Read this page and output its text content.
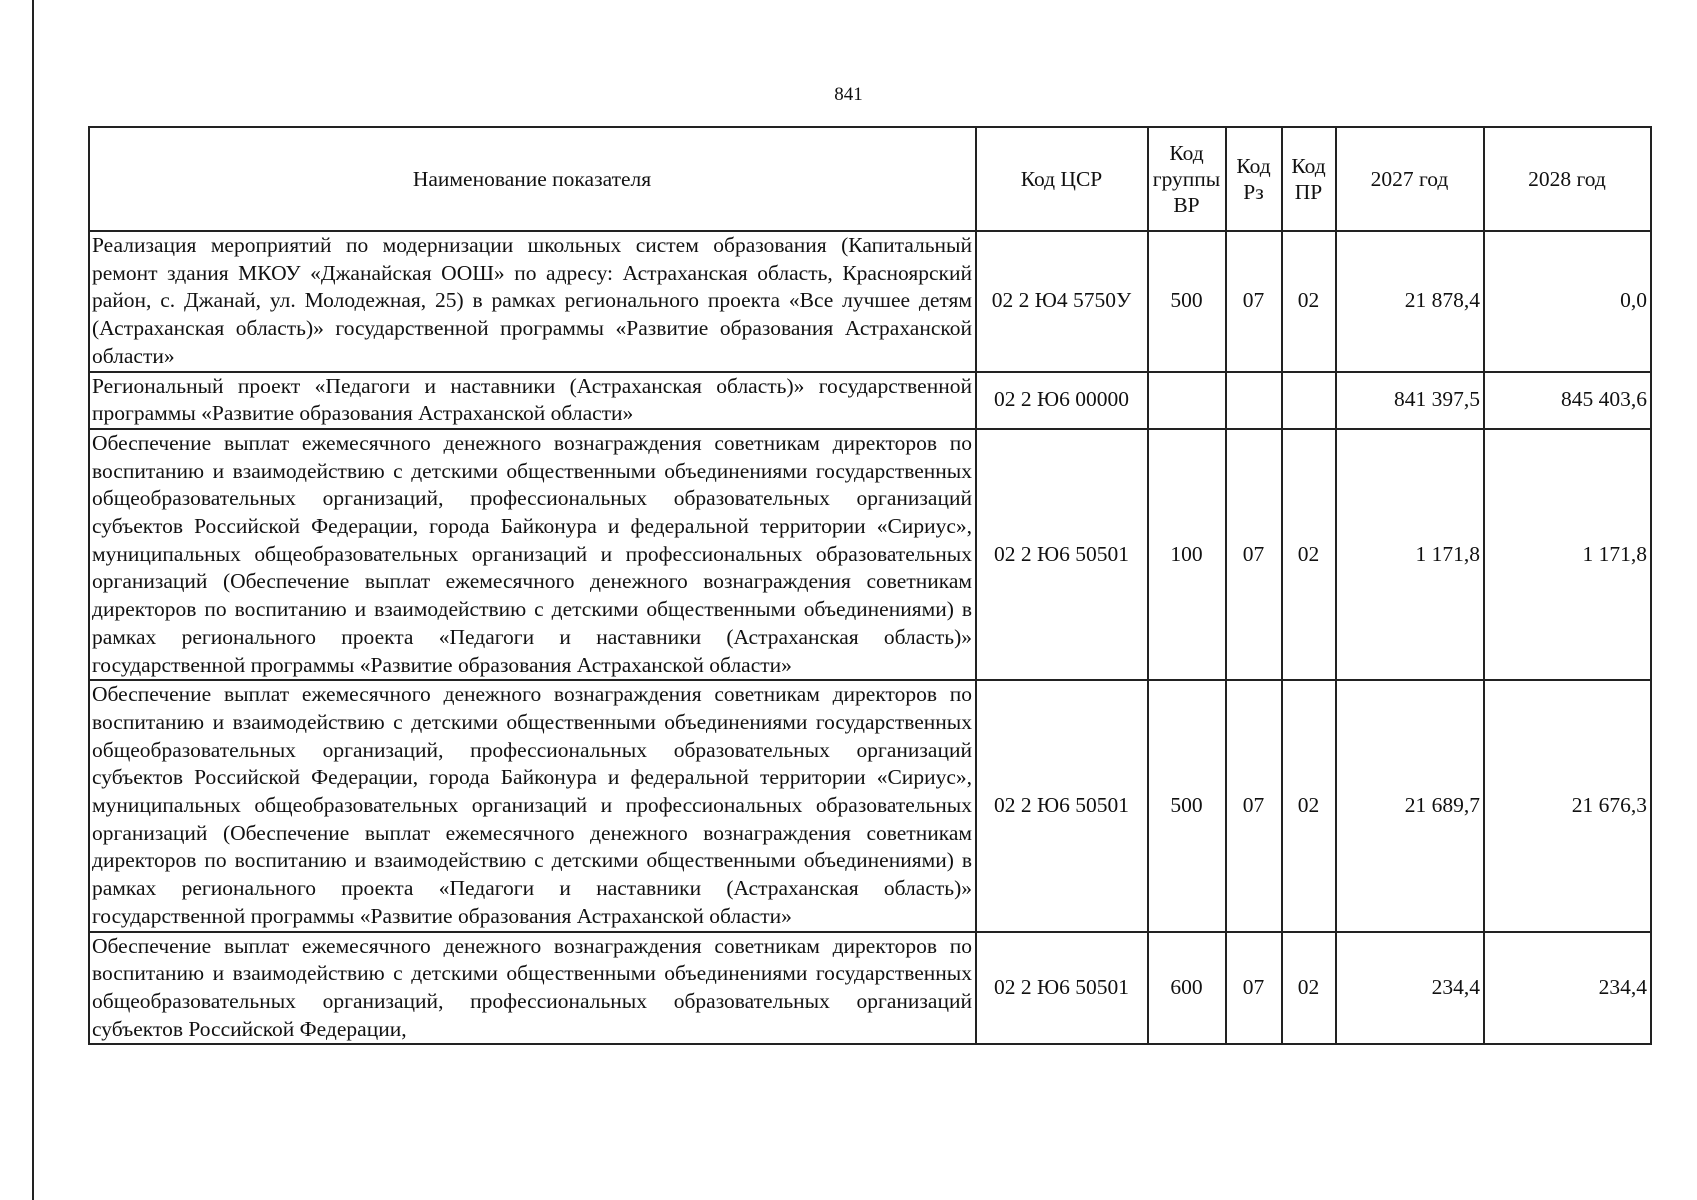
841
Наименование показателя	Код ЦСР	Код группы ВР	Код Рз	Код ПР	2027 год	2028 год
Реализация мероприятий по модернизации школьных систем образования (Капитальный ремонт здания МКОУ «Джанайская ООШ» по адресу: Астраханская область, Красноярский район, с. Джанай, ул. Молодежная, 25) в рамках регионального проекта «Все лучшее детям (Астраханская область)» государственной программы «Развитие образования Астраханской области»	02 2 Ю4 5750У	500	07	02	21 878,4	0,0
Региональный проект «Педагоги и наставники (Астраханская область)» государственной программы «Развитие образования Астраханской области»	02 2 Ю6 00000				841 397,5	845 403,6
Обеспечение выплат ежемесячного денежного вознаграждения советникам директоров по воспитанию и взаимодействию с детскими общественными объединениями государственных общеобразовательных организаций, профессиональных образовательных организаций субъектов Российской Федерации, города Байконура и федеральной территории «Сириус», муниципальных общеобразовательных организаций и профессиональных образовательных организаций (Обеспечение выплат ежемесячного денежного вознаграждения советникам директоров по воспитанию и взаимодействию с детскими общественными объединениями) в рамках регионального проекта «Педагоги и наставники (Астраханская область)» государственной программы «Развитие образования Астраханской области»	02 2 Ю6 50501	100	07	02	1 171,8	1 171,8
Обеспечение выплат ежемесячного денежного вознаграждения советникам директоров по воспитанию и взаимодействию с детскими общественными объединениями государственных общеобразовательных организаций, профессиональных образовательных организаций субъектов Российской Федерации, города Байконура и федеральной территории «Сириус», муниципальных общеобразовательных организаций и профессиональных образовательных организаций (Обеспечение выплат ежемесячного денежного вознаграждения советникам директоров по воспитанию и взаимодействию с детскими общественными объединениями) в рамках регионального проекта «Педагоги и наставники (Астраханская область)» государственной программы «Развитие образования Астраханской области»	02 2 Ю6 50501	500	07	02	21 689,7	21 676,3
Обеспечение выплат ежемесячного денежного вознаграждения советникам директоров по воспитанию и взаимодействию с детскими общественными объединениями государственных общеобразовательных организаций, профессиональных образовательных организаций субъектов Российской Федерации,	02 2 Ю6 50501	600	07	02	234,4	234,4
